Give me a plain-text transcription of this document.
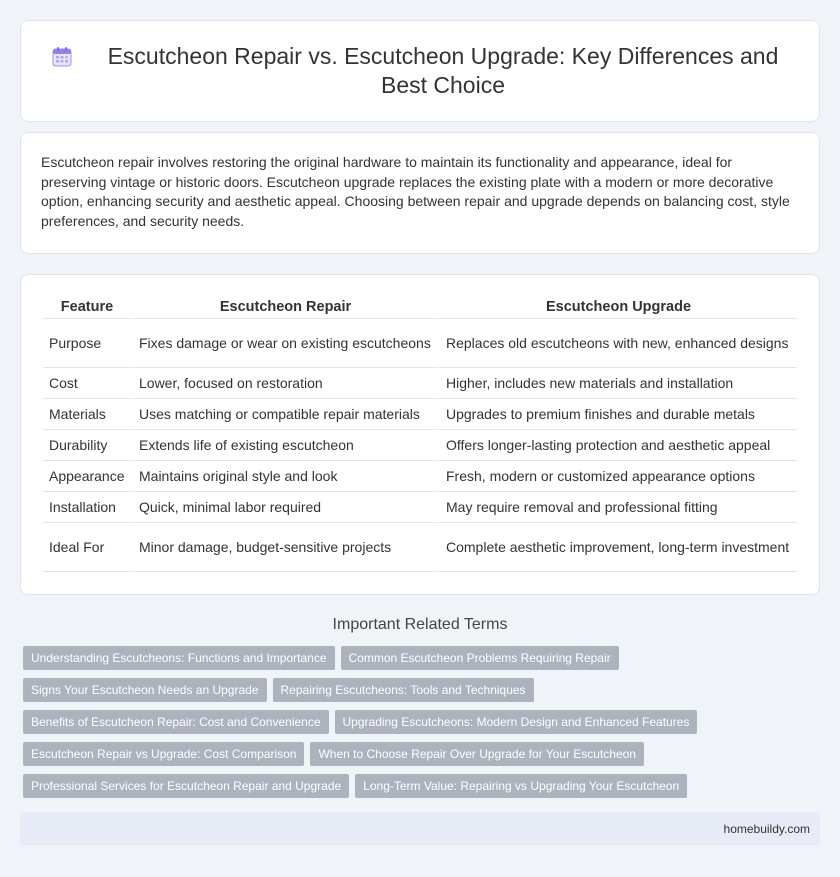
Escutcheon Repair vs. Escutcheon Upgrade: Key Differences and Best Choice

Escutcheon repair involves restoring the original hardware to maintain its functionality and appearance, ideal for preserving vintage or historic doors. Escutcheon upgrade replaces the existing plate with a modern or more decorative option, enhancing security and aesthetic appeal. Choosing between repair and upgrade depends on balancing cost, style preferences, and security needs.

Feature	Escutcheon Repair	Escutcheon Upgrade
Purpose	Fixes damage or wear on existing escutcheons	Replaces old escutcheons with new, enhanced designs
Cost	Lower, focused on restoration	Higher, includes new materials and installation
Materials	Uses matching or compatible repair materials	Upgrades to premium finishes and durable metals
Durability	Extends life of existing escutcheon	Offers longer-lasting protection and aesthetic appeal
Appearance	Maintains original style and look	Fresh, modern or customized appearance options
Installation	Quick, minimal labor required	May require removal and professional fitting
Ideal For	Minor damage, budget-sensitive projects	Complete aesthetic improvement, long-term investment
Important Related Terms
Understanding Escutcheons: Functions and Importance	Common Escutcheon Problems Requiring Repair
Signs Your Escutcheon Needs an Upgrade	Repairing Escutcheons: Tools and Techniques
Benefits of Escutcheon Repair: Cost and Convenience	Upgrading Escutcheons: Modern Design and Enhanced Features
Escutcheon Repair vs Upgrade: Cost Comparison	When to Choose Repair Over Upgrade for Your Escutcheon
Professional Services for Escutcheon Repair and Upgrade	Long-Term Value: Repairing vs Upgrading Your Escutcheon
homebuildy.com
